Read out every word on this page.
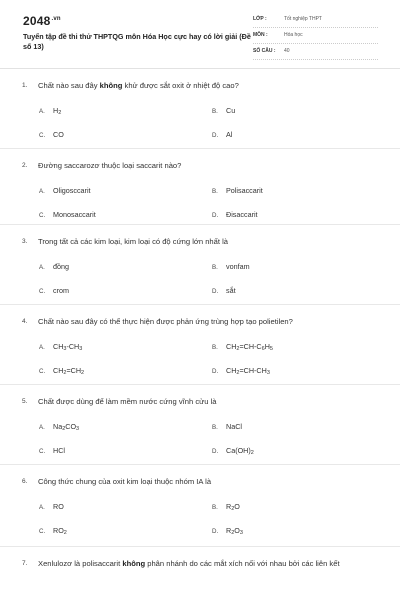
$2048^{.vn}$
Tuyển tập đề thi thử THPTQG môn Hóa Học cực hay có lời giải (Đề số 13)
LỚP :	Tốt nghiệp THPT
MÔN :	Hóa học
SỐ CÂU : 40
1. Chất nào sau đây không khử được sắt oxit ở nhiệt độ cao?
A. H2	B. Cu
C. CO	D. Al
2. Đường saccarozơ thuộc loại saccarit nào?
A. Oligosccarit	B. Polisaccarit
C. Monosaccarit	D. Đisaccarit
3. Trong tất cả các kim loại, kim loại có độ cứng lớn nhất là
A. đồng	B. vonfam
C. crom	D. sắt
4. Chất nào sau đây có thể thực hiện được phản ứng trùng hợp tạo polietilen?
A. CH3-CH3	B. CH2=CH-C6H5
C. CH2=CH2	D. CH2=CH-CH3
5. Chất được dùng để làm mềm nước cứng vĩnh cửu là
A. Na2CO3	B. NaCl
C. HCl	D. Ca(OH)2
6. Công thức chung của oxit kim loại thuộc nhóm IA là
A. RO	B. R2O
C. RO2	D. R2O3
7. Xenlulozơ là polisaccarit không phân nhánh do các mắt xích nối với nhau bởi các liên kết
